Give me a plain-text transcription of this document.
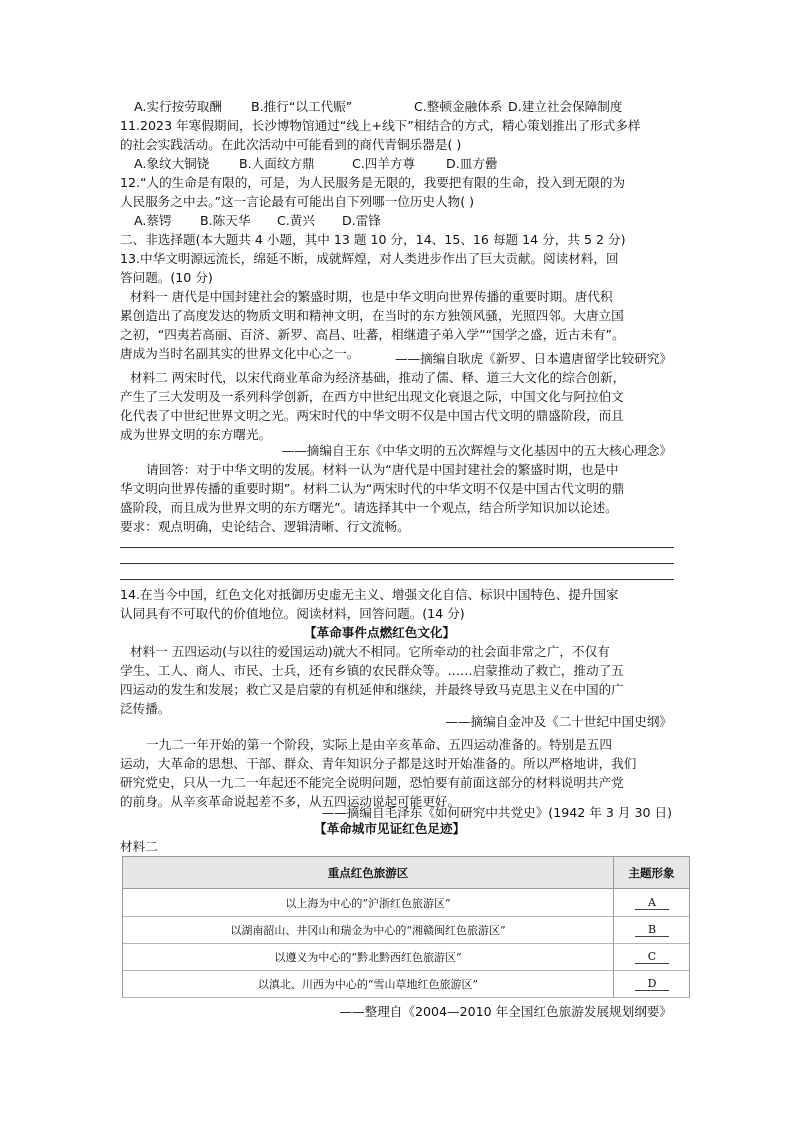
A.实行按劳取酬 B.推行“以工代赈”	C.整顿金融体系 D.建立社会保障制度
11.2023 年寒假期间，长沙博物馆通过“线上+线下”相结合的方式，精心策划推出了形式多样
的社会实践活动。在此次活动中可能看到的商代青铜乐器是( )
A.象纹大铜铙 B.人面纹方鼎	C.四羊方尊 D.皿方罍
12.“人的生命是有限的，可是，为人民服务是无限的，我要把有限的生命，投入到无限的为
人民服务之中去。”这一言论最有可能出自下列哪一位历史人物( )
A.蔡锷 B.陈天华 C.黄兴 D.雷锋
二、非选择题(本大题共 4 小题，其中 13 题 10 分，14、15、16 每题 14 分，共 5 2 分)
13.中华文明源远流长，绵延不断，成就辉煌，对人类进步作出了巨大贡献。阅读材料，回
答问题。(10 分)
材料一 唐代是中国封建社会的繁盛时期，也是中华文明向世界传播的重要时期。唐代积
累创造出了高度发达的物质文明和精神文明，在当时的东方独领风骚，光照四邻。大唐立国
之初，“四夷若高丽、百济、新罗、高昌、吐蕃，相继遣子弟入学”“国学之盛，近古未有”。
唐成为当时名副其实的世界文化中心之一。	——摘编自耿虎《新罗、日本遣唐留学比较研究》
材料二 两宋时代，以宋代商业革命为经济基础，推动了儒、释、道三大文化的综合创新，
产生了三大发明及一系列科学创新，在西方中世纪出现文化衰退之际，中国文化与阿拉伯文
化代表了中世纪世界文明之光。两宋时代的中华文明不仅是中国古代文明的鼎盛阶段，而且
成为世界文明的东方曙光。
——摘编自王东《中华文明的五次辉煌与文化基因中的五大核心理念》
请回答：对于中华文明的发展。材料一认为“唐代是中国封建社会的繁盛时期，也是中
华文明向世界传播的重要时期”。材料二认为“两宋时代的中华文明不仅是中国古代文明的鼎
盛阶段，而且成为世界文明的东方曙光”。请选择其中一个观点，结合所学知识加以论述。
要求：观点明确，史论结合、逻辑清晰、行文流畅。
14.在当今中国，红色文化对抵御历史虚无主义、增强文化自信、标识中国特色、提升国家
认同具有不可取代的价值地位。阅读材料，回答问题。(14 分)
【革命事件点燃红色文化】
材料一 五四运动(与以往的爱国运动)就大不相同。它所牵动的社会面非常之广，不仅有
学生、工人、商人、市民、士兵，还有乡镇的农民群众等。……启蒙推动了救亡，推动了五
四运动的发生和发展；救亡又是启蒙的有机延伸和继续，并最终导致马克思主义在中国的广
泛传播。
——摘编自金冲及《二十世纪中国史纲》
一九二一年开始的第一个阶段，实际上是由辛亥革命、五四运动准备的。特别是五四
运动，大革命的思想、干部、群众、青年知识分子都是这时开始准备的。所以严格地讲，我们
研究党史，只从一九二一年起还不能完全说明问题，恐怕要有前面这部分的材料说明共产党
的前身。从辛亥革命说起差不多，从五四运动说起可能更好。
——摘编自毛泽东《如何研究中共党史》(1942 年 3 月 30 日)
【革命城市见证红色足迹】
材料二
重点红色旅游区	主题形象
以上海为中心的“沪浙红色旅游区”	A
以湖南韶山、井冈山和瑞金为中心的“湘赣闽红色旅游区”	B
以遵义为中心的“黔北黔西红色旅游区”	C
以滇北、川西为中心的“雪山草地红色旅游区”	D
——整理自《2004—2010 年全国红色旅游发展规划纲要》
